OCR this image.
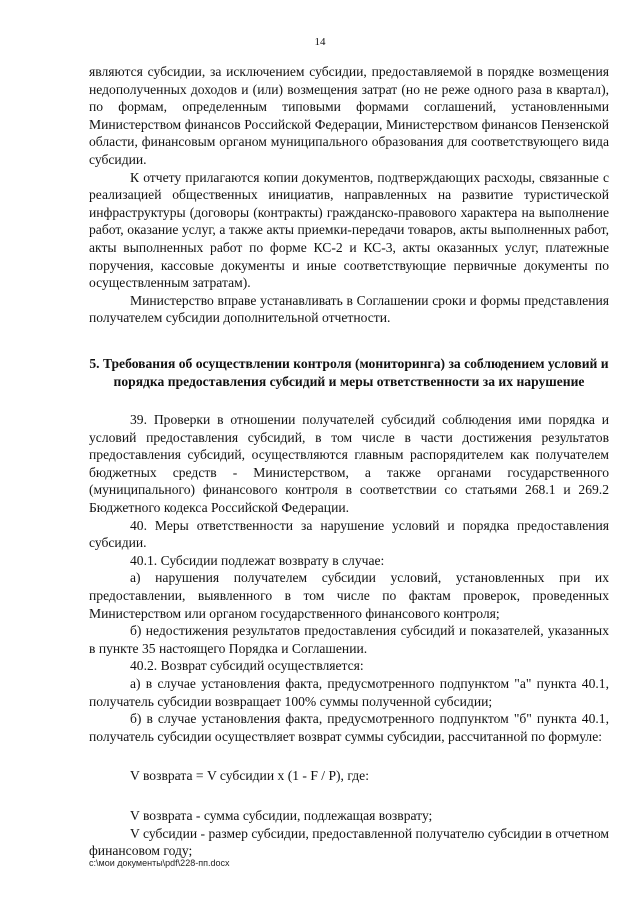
14

являются субсидии, за исключением субсидии, предоставляемой в порядке возмещения недополученных доходов и (или) возмещения затрат (но не реже одного раза в квартал), по формам, определенным типовыми формами соглашений, установленными Министерством финансов Российской Федерации, Министерством финансов Пензенской области, финансовым органом муниципального образования для соответствующего вида субсидии.

К отчету прилагаются копии документов, подтверждающих расходы, связанные с реализацией общественных инициатив, направленных на развитие туристической инфраструктуры (договоры (контракты) гражданско-правового характера на выполнение работ, оказание услуг, а также акты приемки-передачи товаров, акты выполненных работ, акты выполненных работ по форме КС-2 и КС-3, акты оказанных услуг, платежные поручения, кассовые документы и иные соответствующие первичные документы по осуществленным затратам).

Министерство вправе устанавливать в Соглашении сроки и формы представления получателем субсидии дополнительной отчетности.

5. Требования об осуществлении контроля (мониторинга) за соблюдением условий и порядка предоставления субсидий и меры ответственности за их нарушение

39. Проверки в отношении получателей субсидий соблюдения ими порядка и условий предоставления субсидий, в том числе в части достижения результатов предоставления субсидий, осуществляются главным распорядителем как получателем бюджетных средств - Министерством, а также органами государственного (муниципального) финансового контроля в соответствии со статьями 268.1 и 269.2 Бюджетного кодекса Российской Федерации.

40. Меры ответственности за нарушение условий и порядка предоставления субсидии.

40.1. Субсидии подлежат возврату в случае:

а) нарушения получателем субсидии условий, установленных при их предоставлении, выявленного в том числе по фактам проверок, проведенных Министерством или органом государственного финансового контроля;

б) недостижения результатов предоставления субсидий и показателей, указанных в пункте 35 настоящего Порядка и Соглашении.

40.2. Возврат субсидий осуществляется:

а) в случае установления факта, предусмотренного подпунктом "а" пункта 40.1, получатель субсидии возвращает 100% суммы полученной субсидии;

б) в случае установления факта, предусмотренного подпунктом "б" пункта 40.1, получатель субсидии осуществляет возврат суммы субсидии, рассчитанной по формуле:

V возврата = V субсидии x (1 - F / P), где:

V возврата - сумма субсидии, подлежащая возврату;

V субсидии - размер субсидии, предоставленной получателю субсидии в отчетном финансовом году;

c:\мои документы\pdf\228-пп.docx
